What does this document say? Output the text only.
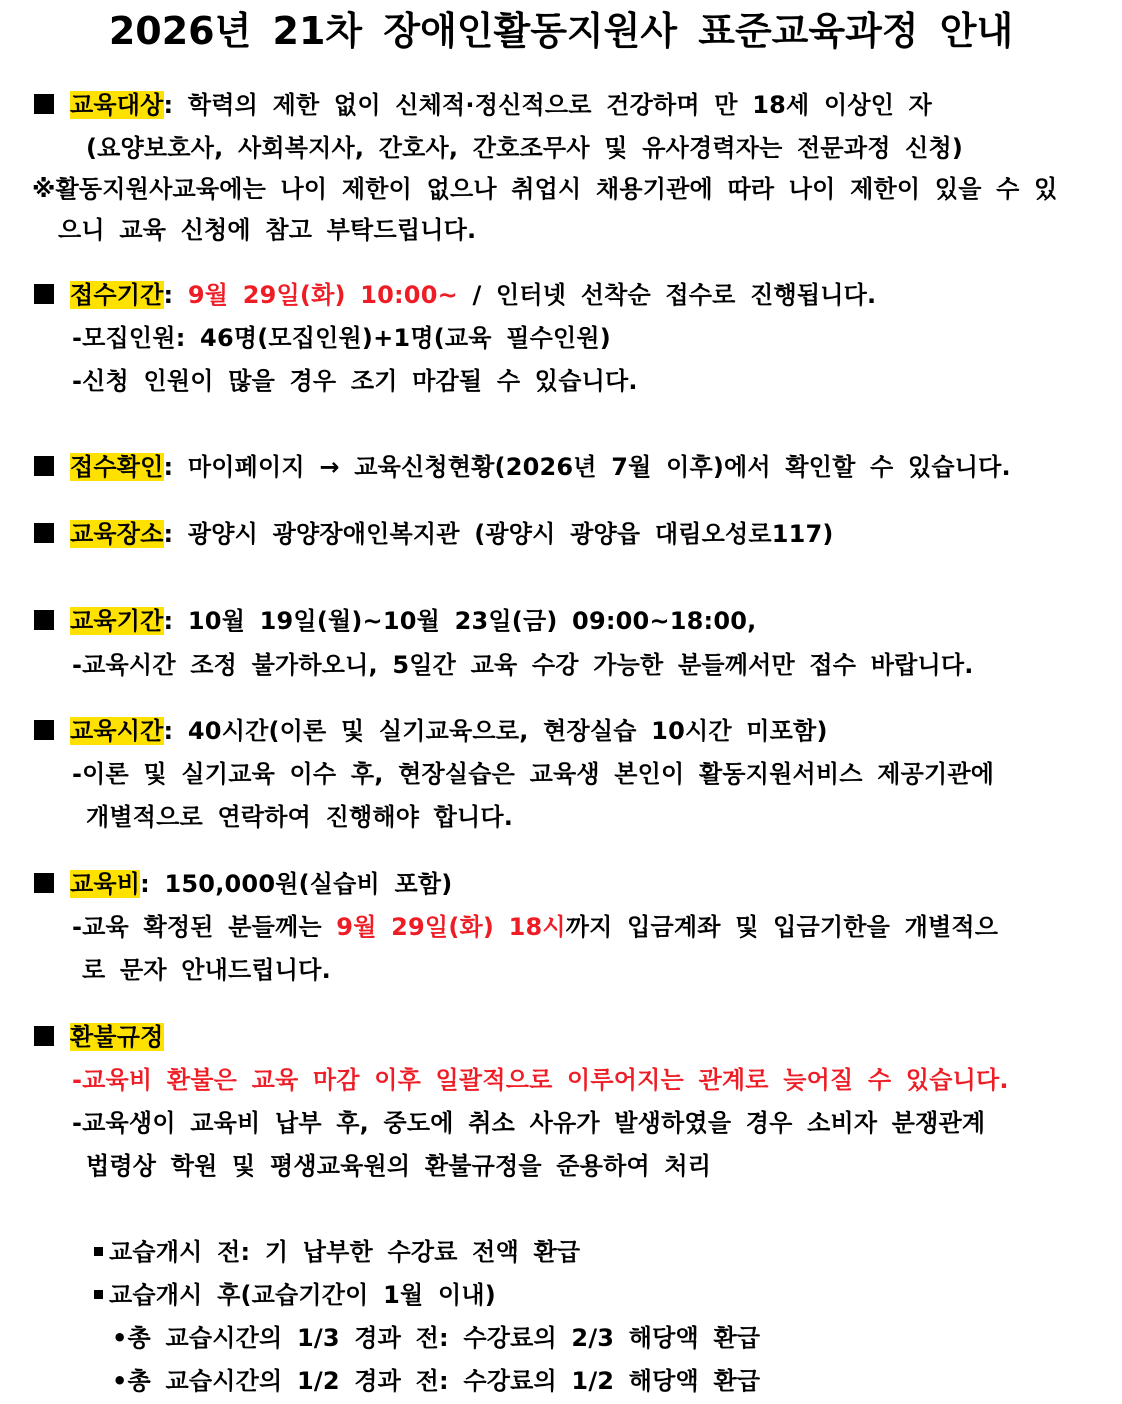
2026년 21차 장애인활동지원사 표준교육과정 안내
교육대상: 학력의 제한 없이 신체적·정신적으로 건강하며 만 18세 이상인 자
(요양보호사, 사회복지사, 간호사, 간호조무사 및 유사경력자는 전문과정 신청)
※활동지원사교육에는 나이 제한이 없으나 취업시 채용기관에 따라 나이 제한이 있을 수 있
으니 교육 신청에 참고 부탁드립니다.
접수기간: 9월 29일(화) 10:00~ / 인터넷 선착순 접수로 진행됩니다.
-모집인원: 46명(모집인원)+1명(교육 필수인원)
-신청 인원이 많을 경우 조기 마감될 수 있습니다.
접수확인: 마이페이지 → 교육신청현황(2026년 7월 이후)에서 확인할 수 있습니다.
교육장소: 광양시 광양장애인복지관 (광양시 광양읍 대림오성로117)
교육기간: 10월 19일(월)~10월 23일(금) 09:00~18:00,
-교육시간 조정 불가하오니, 5일간 교육 수강 가능한 분들께서만 접수 바랍니다.
교육시간: 40시간(이론 및 실기교육으로, 현장실습 10시간 미포함)
-이론 및 실기교육 이수 후, 현장실습은 교육생 본인이 활동지원서비스 제공기관에
개별적으로 연락하여 진행해야 합니다.
교육비: 150,000원(실습비 포함)
-교육 확정된 분들께는 9월 29일(화) 18시까지 입금계좌 및 입금기한을 개별적으
로 문자 안내드립니다.
환불규정
-교육비 환불은 교육 마감 이후 일괄적으로 이루어지는 관계로 늦어질 수 있습니다.
-교육생이 교육비 납부 후, 중도에 취소 사유가 발생하였을 경우 소비자 분쟁관계
법령상 학원 및 평생교육원의 환불규정을 준용하여 처리
교습개시 전: 기 납부한 수강료 전액 환급
교습개시 후(교습기간이 1월 이내)
•총 교습시간의 1/3 경과 전: 수강료의 2/3 해당액 환급
•총 교습시간의 1/2 경과 전: 수강료의 1/2 해당액 환급
